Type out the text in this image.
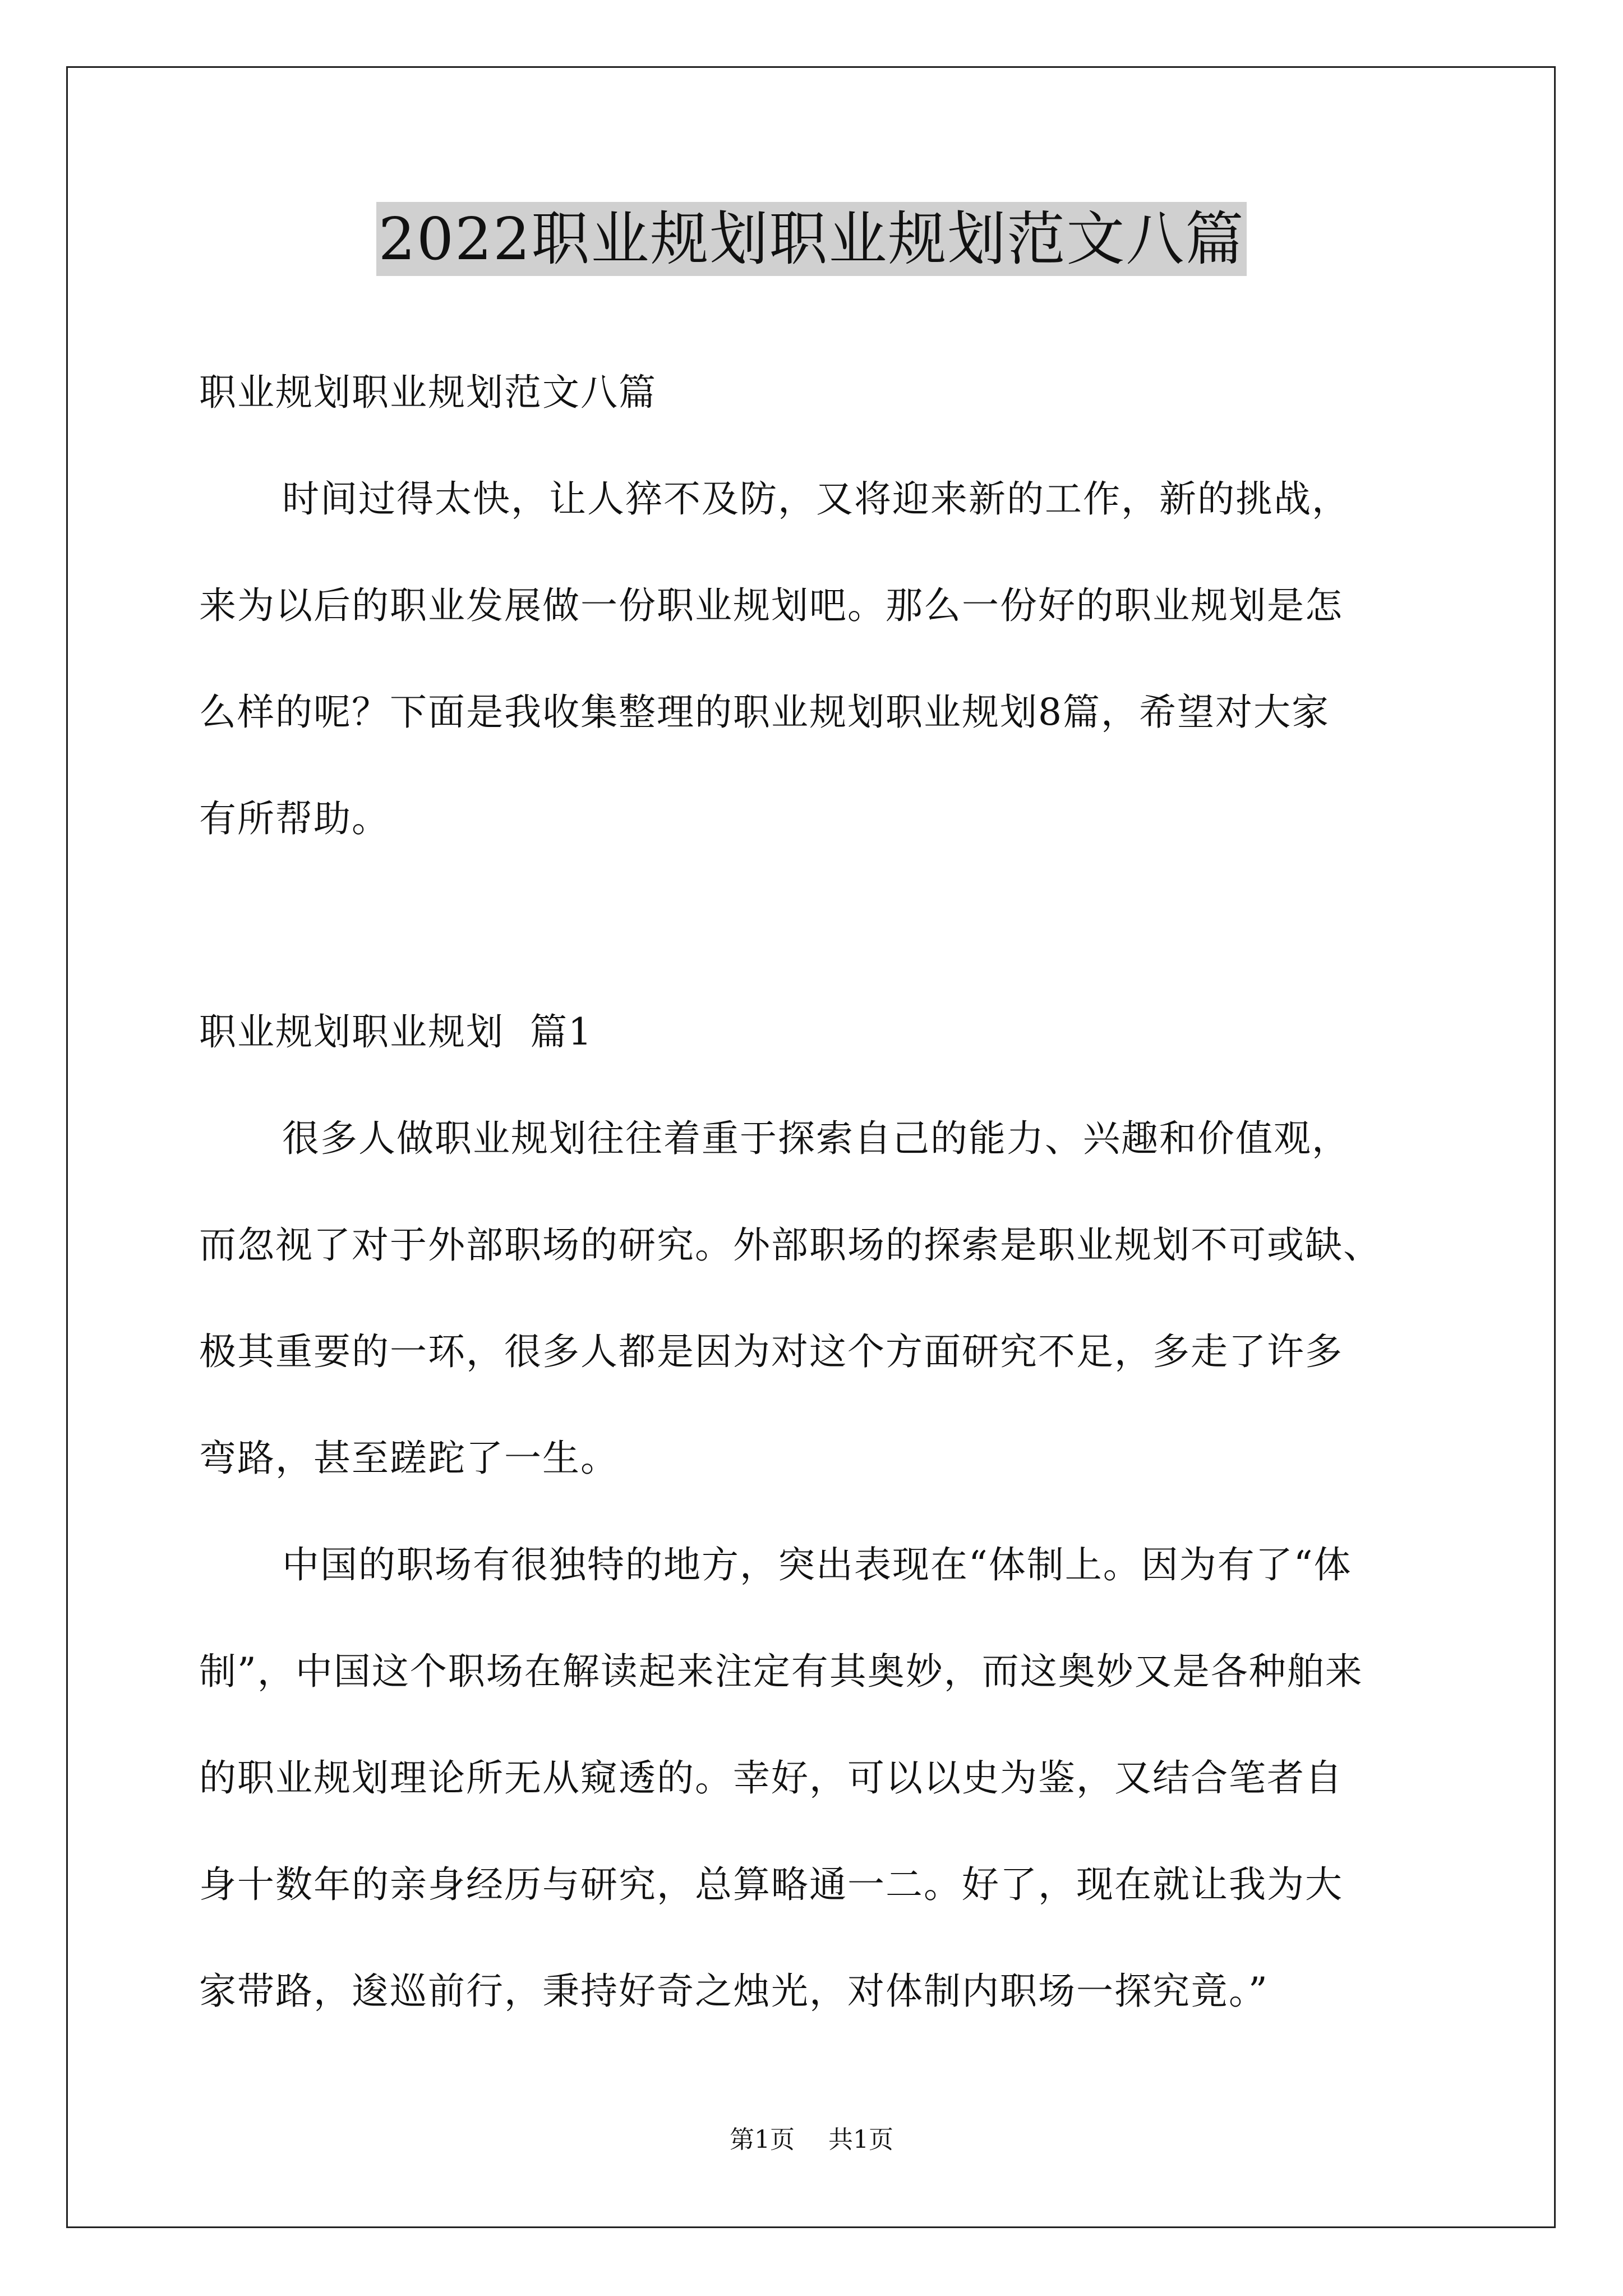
2022职业规划职业规划范文八篇
职业规划职业规划范文八篇
时间过得太快，让人猝不及防，又将迎来新的工作，新的挑战，
来为以后的职业发展做一份职业规划吧。那么一份好的职业规划是怎
么样的呢？下面是我收集整理的职业规划职业规划8篇，希望对大家
有所帮助。
职业规划职业规划  篇1
很多人做职业规划往往着重于探索自己的能力、兴趣和价值观，
而忽视了对于外部职场的研究。外部职场的探索是职业规划不可或缺、
极其重要的一环，很多人都是因为对这个方面研究不足，多走了许多
弯路，甚至蹉跎了一生。
中国的职场有很独特的地方，突出表现在“体制上。因为有了“体
制”，中国这个职场在解读起来注定有其奥妙，而这奥妙又是各种舶来
的职业规划理论所无从窥透的。幸好，可以以史为鉴，又结合笔者自
身十数年的亲身经历与研究，总算略通一二。好了，现在就让我为大
家带路，逡巡前行，秉持好奇之烛光，对体制内职场一探究竟。”
第1页 共1页
